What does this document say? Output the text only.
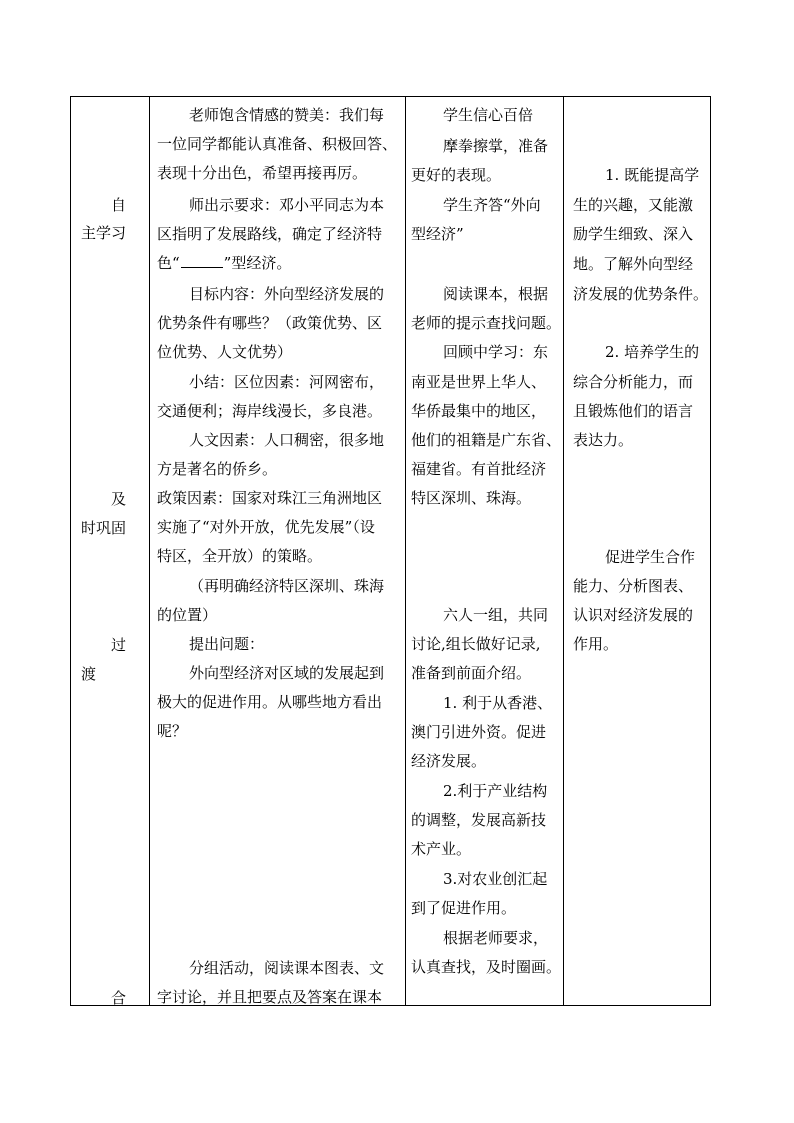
自
主学习
及
时巩固
过
渡
合
老师饱含情感的赞美：我们每
一位同学都能认真准备、积极回答、
表现十分出色，希望再接再厉。
师出示要求：邓小平同志为本
区指明了发展路线，确定了经济特
色“	”型经济。
目标内容：外向型经济发展的
优势条件有哪些？（政策优势、区
位优势、人文优势）
小结：区位因素：河网密布，
交通便利；海岸线漫长，多良港。
人文因素：人口稠密，很多地
方是著名的侨乡。
政策因素：国家对珠江三角洲地区
实施了“对外开放，优先发展”（设
特区，全开放）的策略。
（再明确经济特区深圳、珠海
的位置）
提出问题：
外向型经济对区域的发展起到
极大的促进作用。从哪些地方看出
呢？
分组活动，阅读课本图表、文
字讨论，并且把要点及答案在课本
学生信心百倍
摩拳擦掌，准备
更好的表现。
学生齐答“外向
型经济”
阅读课本，根据
老师的提示查找问题。
回顾中学习：东
南亚是世界上华人、
华侨最集中的地区，
他们的祖籍是广东省、
福建省。有首批经济
特区深圳、珠海。
六人一组，共同
讨论,组长做好记录,
准备到前面介绍。
1. 利于从香港、
澳门引进外资。促进
经济发展。
2.利于产业结构
的调整，发展高新技
术产业。
3.对农业创汇起
到了促进作用。
根据老师要求，
认真查找，及时圈画。
1. 既能提高学
生的兴趣，又能激
励学生细致、深入
地。了解外向型经
济发展的优势条件。
2. 培养学生的
综合分析能力，而
且锻炼他们的语言
表达力。
促进学生合作
能力、分析图表、
认识对经济发展的
作用。
